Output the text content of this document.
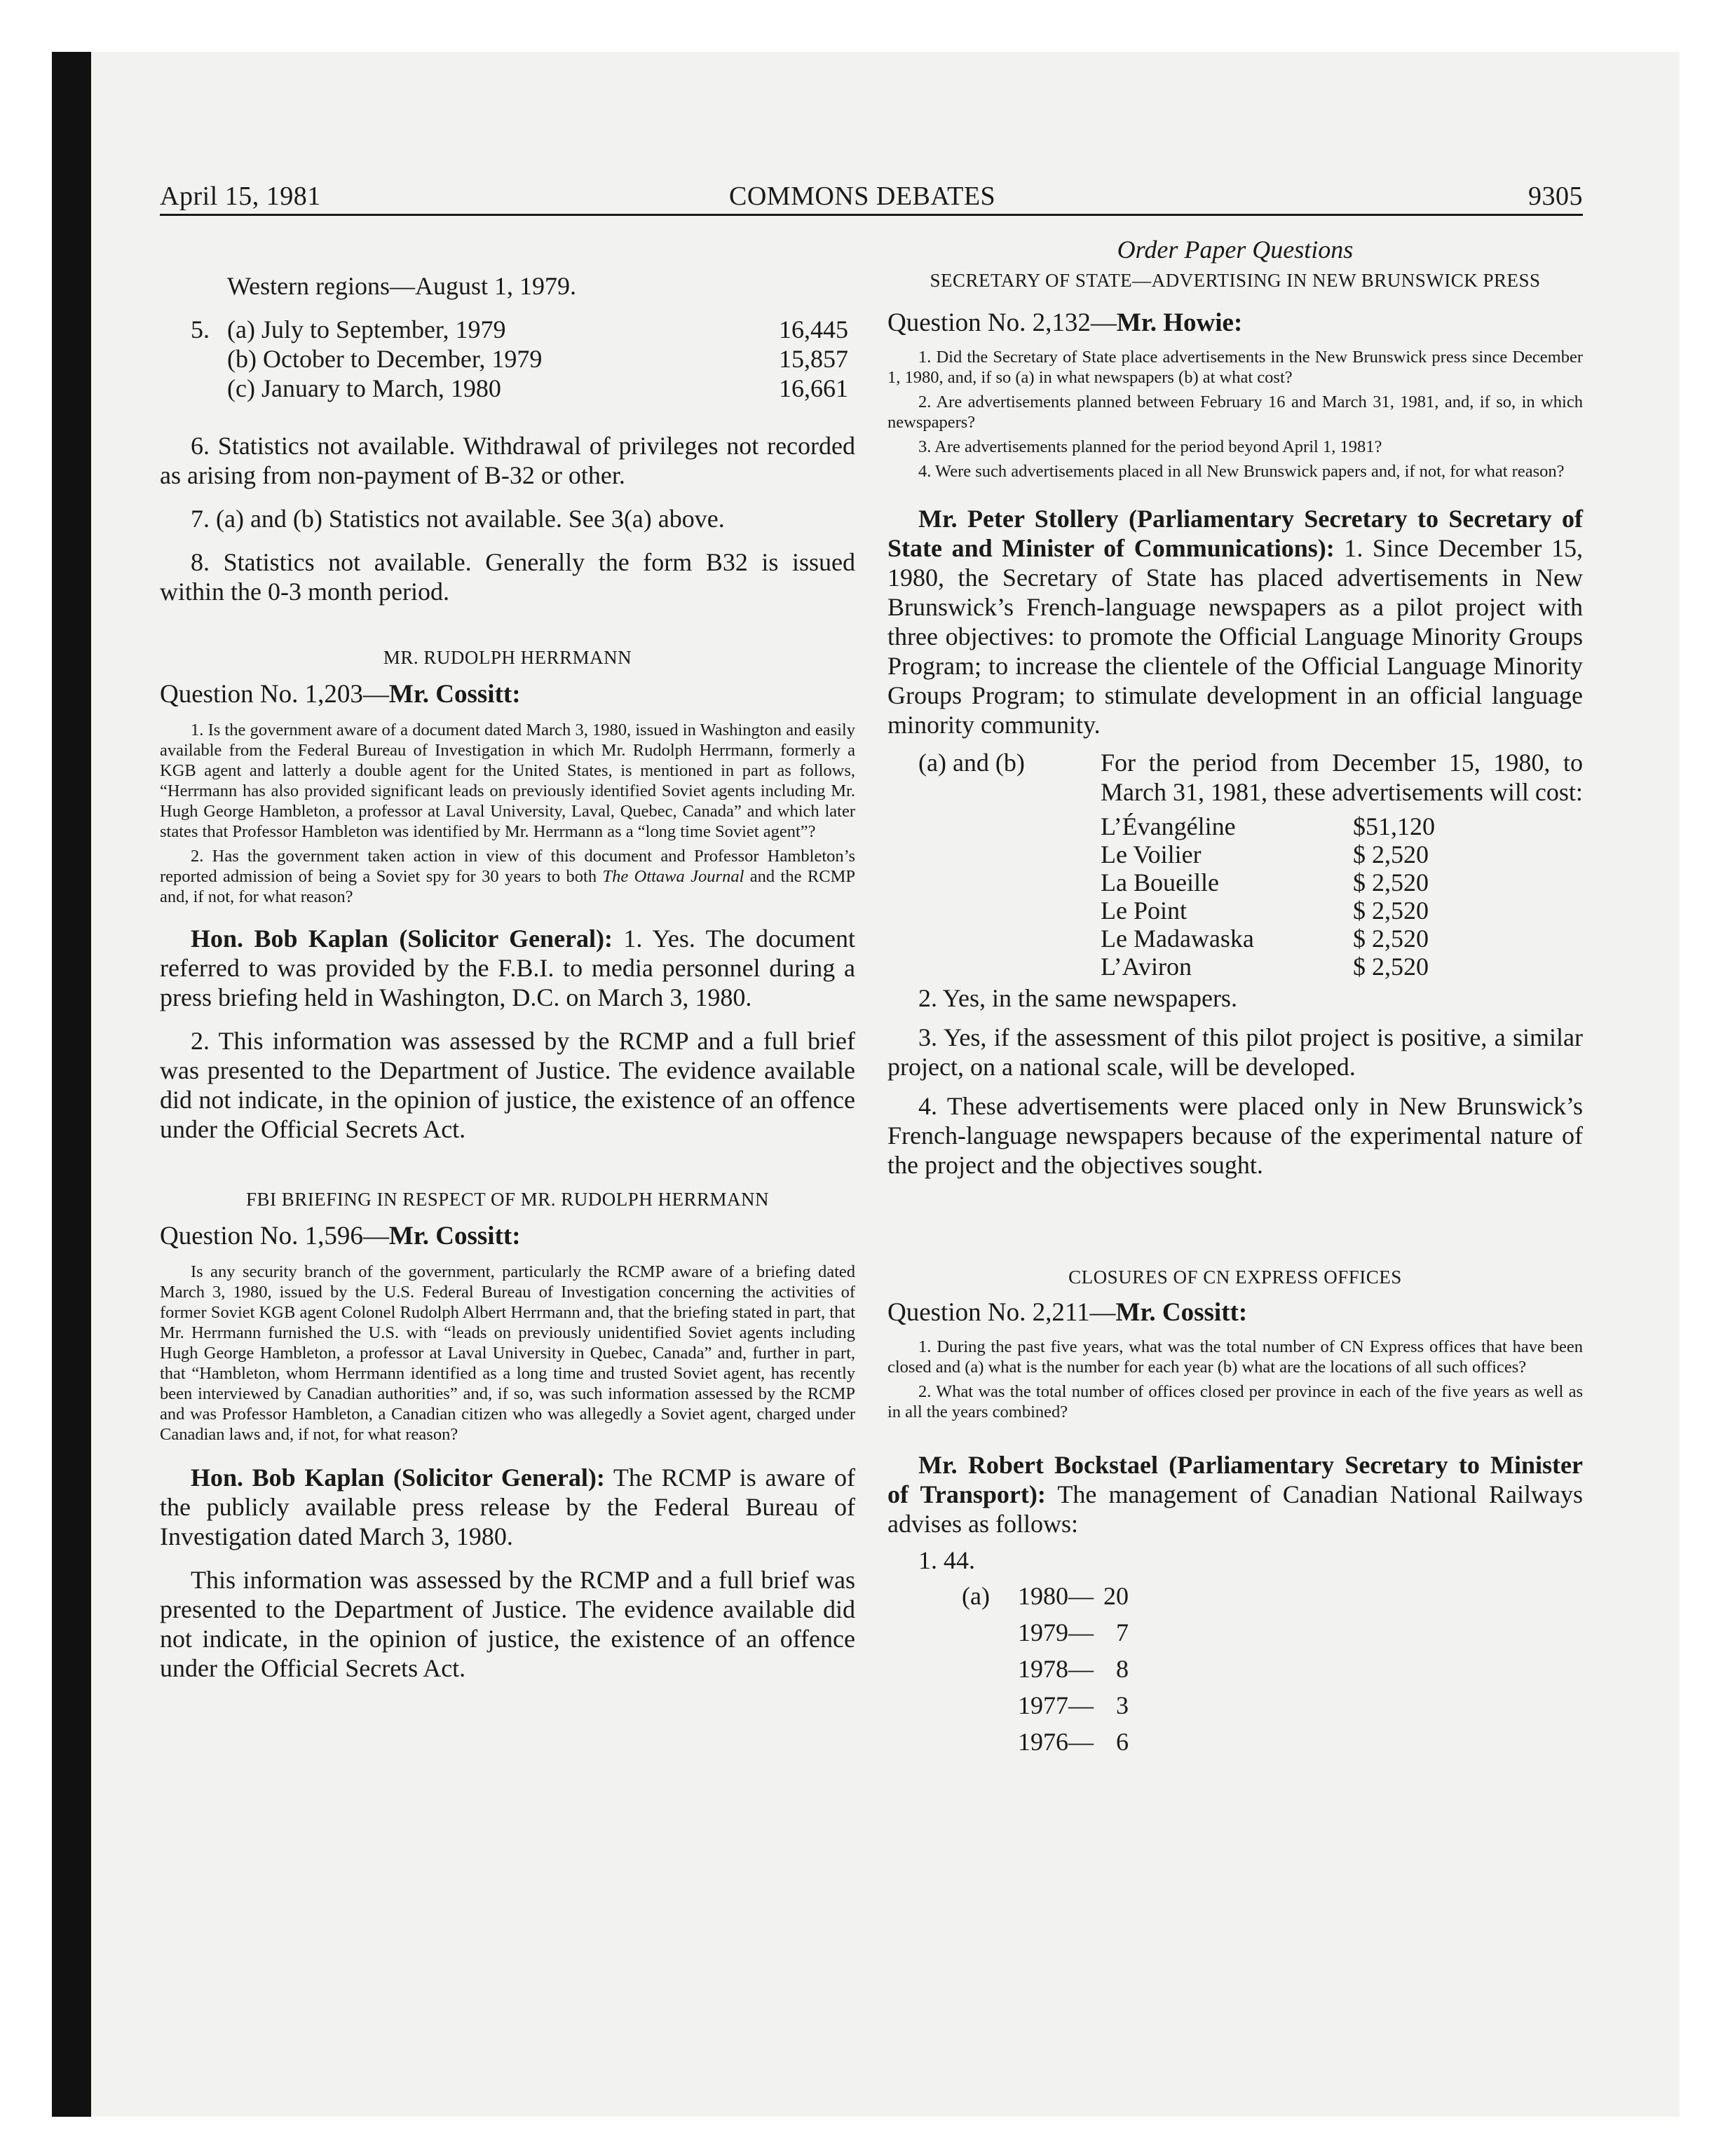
April 15, 1981	COMMONS DEBATES	9305
Western regions—August 1, 1979.
5. (a) July to September, 1979	16,445
(b) October to December, 1979	15,857
(c) January to March, 1980	16,661

6. Statistics not available. Withdrawal of privileges not recorded as arising from non-payment of B-32 or other.

7. (a) and (b) Statistics not available. See 3(a) above.

8. Statistics not available. Generally the form B32 is issued within the 0-3 month period.

MR. RUDOLPH HERRMANN
Question No. 1,203—Mr. Cossitt:

1. Is the government aware of a document dated March 3, 1980, issued in Washington and easily available from the Federal Bureau of Investigation in which Mr. Rudolph Herrmann, formerly a KGB agent and latterly a double agent for the United States, is mentioned in part as follows, “Herrmann has also provided significant leads on previously identified Soviet agents including Mr. Hugh George Hambleton, a professor at Laval University, Laval, Quebec, Canada” and which later states that Professor Hambleton was identified by Mr. Herrmann as a “long time Soviet agent”?

2. Has the government taken action in view of this document and Professor Hambleton’s reported admission of being a Soviet spy for 30 years to both The Ottawa Journal and the RCMP and, if not, for what reason?

Hon. Bob Kaplan (Solicitor General): 1. Yes. The document referred to was provided by the F.B.I. to media personnel during a press briefing held in Washington, D.C. on March 3, 1980.

2. This information was assessed by the RCMP and a full brief was presented to the Department of Justice. The evidence available did not indicate, in the opinion of justice, the existence of an offence under the Official Secrets Act.

FBI BRIEFING IN RESPECT OF MR. RUDOLPH HERRMANN
Question No. 1,596—Mr. Cossitt:

Is any security branch of the government, particularly the RCMP aware of a briefing dated March 3, 1980, issued by the U.S. Federal Bureau of Investigation concerning the activities of former Soviet KGB agent Colonel Rudolph Albert Herrmann and, that the briefing stated in part, that Mr. Herrmann furnished the U.S. with “leads on previously unidentified Soviet agents including Hugh George Hambleton, a professor at Laval University in Quebec, Canada” and, further in part, that “Hambleton, whom Herrmann identified as a long time and trusted Soviet agent, has recently been interviewed by Canadian authorities” and, if so, was such information assessed by the RCMP and was Professor Hambleton, a Canadian citizen who was allegedly a Soviet agent, charged under Canadian laws and, if not, for what reason?

Hon. Bob Kaplan (Solicitor General): The RCMP is aware of the publicly available press release by the Federal Bureau of Investigation dated March 3, 1980.

This information was assessed by the RCMP and a full brief was presented to the Department of Justice. The evidence available did not indicate, in the opinion of justice, the existence of an offence under the Official Secrets Act.

Order Paper Questions
SECRETARY OF STATE—ADVERTISING IN NEW BRUNSWICK PRESS
Question No. 2,132—Mr. Howie:

1. Did the Secretary of State place advertisements in the New Brunswick press since December 1, 1980, and, if so (a) in what newspapers (b) at what cost?

2. Are advertisements planned between February 16 and March 31, 1981, and, if so, in which newspapers?

3. Are advertisements planned for the period beyond April 1, 1981?

4. Were such advertisements placed in all New Brunswick papers and, if not, for what reason?

Mr. Peter Stollery (Parliamentary Secretary to Secretary of State and Minister of Communications): 1. Since December 15, 1980, the Secretary of State has placed advertisements in New Brunswick’s French-language newspapers as a pilot project with three objectives: to promote the Official Language Minority Groups Program; to increase the clientele of the Official Language Minority Groups Program; to stimulate development in an official language minority community.

(a) and (b)	For the period from December 15, 1980, to March 31, 1981, these advertisements will cost:
L’Évangéline	$51,120
Le Voilier	$ 2,520
La Boueille	$ 2,520
Le Point	$ 2,520
Le Madawaska	$ 2,520
L’Aviron	$ 2,520

2. Yes, in the same newspapers.

3. Yes, if the assessment of this pilot project is positive, a similar project, on a national scale, will be developed.

4. These advertisements were placed only in New Brunswick’s French-language newspapers because of the experimental nature of the project and the objectives sought.

CLOSURES OF CN EXPRESS OFFICES
Question No. 2,211—Mr. Cossitt:

1. During the past five years, what was the total number of CN Express offices that have been closed and (a) what is the number for each year (b) what are the locations of all such offices?

2. What was the total number of offices closed per province in each of the five years as well as in all the years combined?

Mr. Robert Bockstael (Parliamentary Secretary to Minister of Transport): The management of Canadian National Railways advises as follows:

1. 44.

(a)	1980 — 20
1979 — 7
1978 — 8
1977 — 3
1976 — 6
